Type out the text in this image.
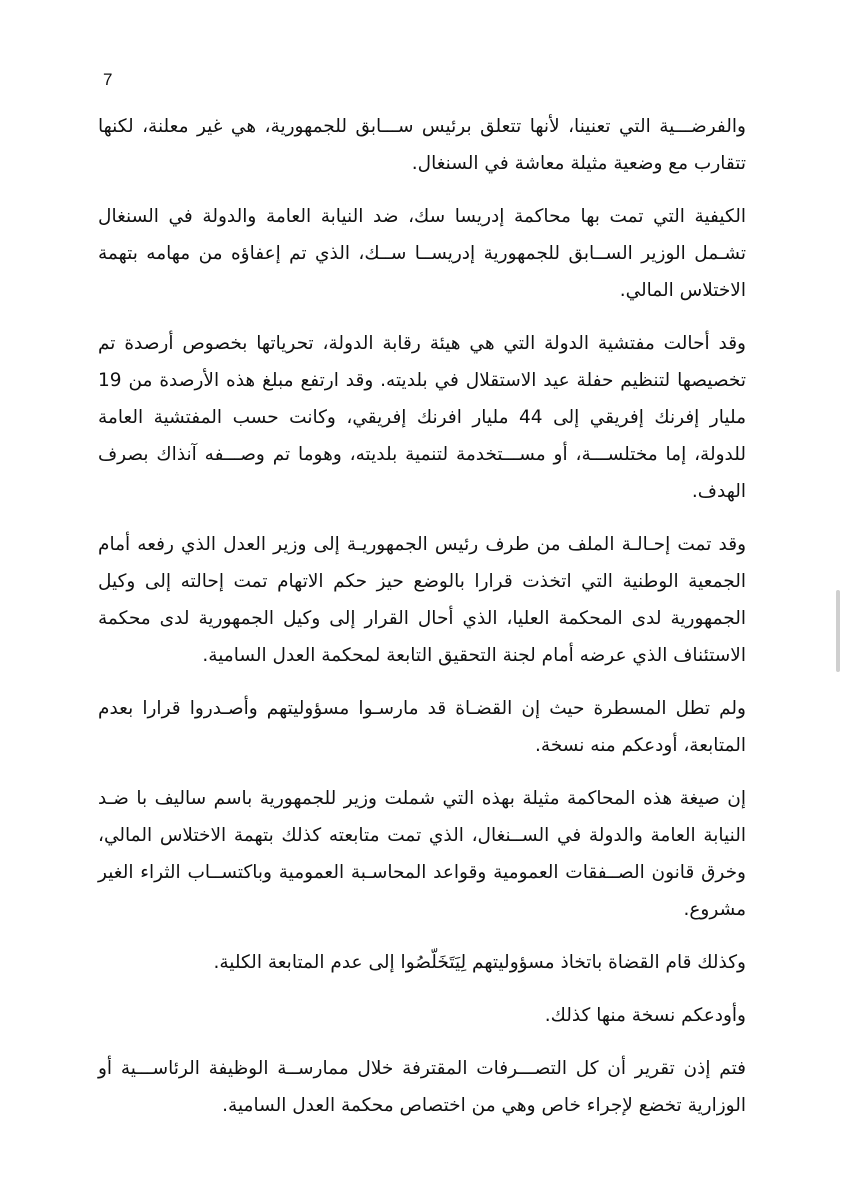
7

والفرضـــية التي تعنينا، لأنها تتعلق برئيس ســـابق للجمهورية، هي غير معلنة، لكنها تتقارب مع وضعية مثيلة معاشة في السنغال.

الكيفية التي تمت بها محاكمة إدريسا سك، ضد النيابة العامة والدولة في السنغال تشـمل الوزير الســابق للجمهورية إدريســا ســك، الذي تم إعفاؤه من مهامه بتهمة الاختلاس المالي.

وقد أحالت مفتشية الدولة التي هي هيئة رقابة الدولة، تحرياتها بخصوص أرصدة تم تخصيصها لتنظيم حفلة عيد الاستقلال في بلديته. وقد ارتفع مبلغ هذه الأرصدة من 19 مليار إفرنك إفريقي إلى 44 مليار افرنك إفريقي، وكانت حسب المفتشية العامة للدولة، إما مختلســـة، أو مســـتخدمة لتنمية بلديته، وهوما تم وصـــفه آنذاك بصرف الهدف.

وقد تمت إحـالـة الملف من طرف رئيس الجمهوريـة إلى وزير العدل الذي رفعه أمام الجمعية الوطنية التي اتخذت قرارا بالوضع حيز حكم الاتهام تمت إحالته إلى وكيل الجمهورية لدى المحكمة العليا، الذي أحال القرار إلى وكيل الجمهورية لدى محكمة الاستئناف الذي عرضه أمام لجنة التحقيق التابعة لمحكمة العدل السامية.

ولم تطل المسطرة حيث إن القضـاة قد مارسـوا مسؤوليتهم وأصـدروا قرارا بعدم المتابعة، أودعكم منه نسخة.

إن صيغة هذه المحاكمة مثيلة بهذه التي شملت وزير للجمهورية باسم ساليف با ضـد النيابة العامة والدولة في الســنغال، الذي تمت متابعته كذلك بتهمة الاختلاس المالي، وخرق قانون الصــفقات العمومية وقواعد المحاسـبة العمومية وباكتســاب الثراء الغير مشروع.

وكذلك قام القضاة باتخاذ مسؤوليتهم لِيَتَخَلّصُوا إلى عدم المتابعة الكلية.

وأودعكم نسخة منها كذلك.

فتم إذن تقرير أن كل التصـــرفات المقترفة خلال ممارســة الوظيفة الرئاســـية أو الوزارية تخضع لإجراء خاص وهي من اختصاص محكمة العدل السامية.
